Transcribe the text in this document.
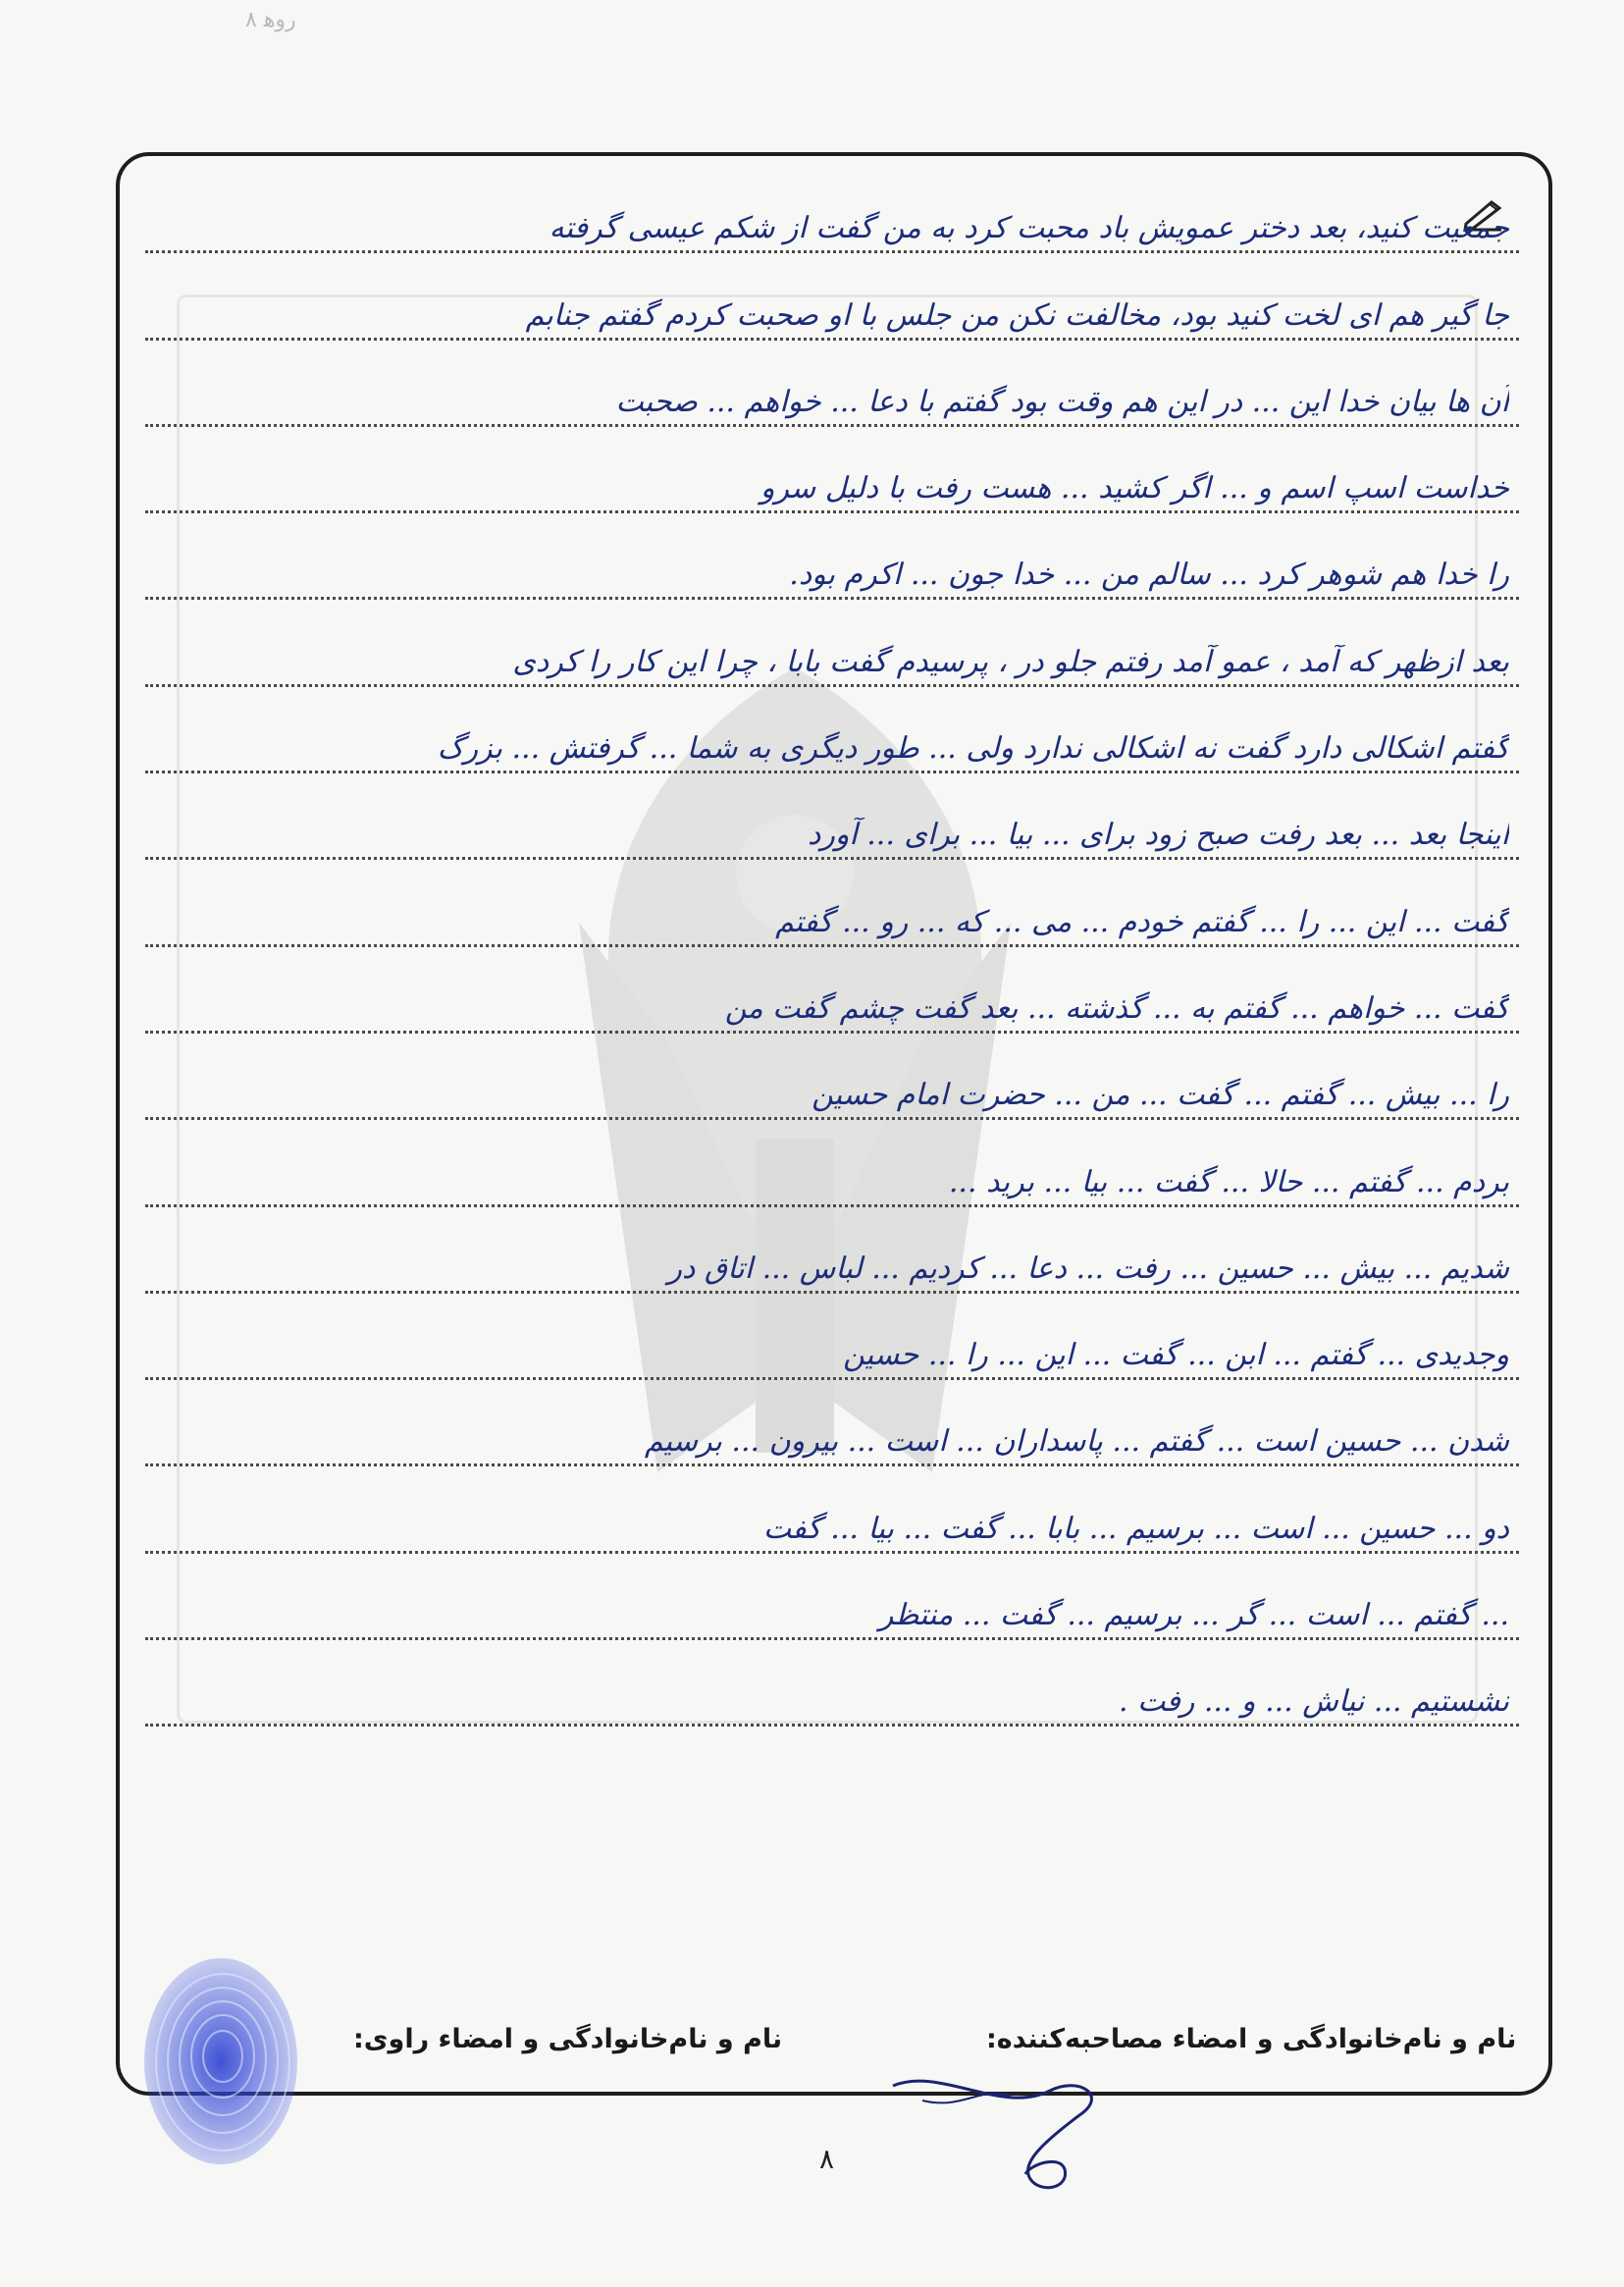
ﺭﻭﻫ ٨
جمعیت کنید، بعد دختر عمویش باد محبت کرد به من گفت از شکم عیسی گرفته
جا گیر هم ای لخت کنید بود، مخالفت نکن من جلس با او صحبت کردم گفتم جنابم
آن ها بیان خدا این ... در این هم وقت بود گفتم با دعا ... خواهم ... صحبت
خداست اسپ اسم و ... اگر کشید ... هست رفت با دلیل سرو
را خدا هم شوهر کرد ... سالم من ... خدا جون ... اکرم بود.
بعد ازظهر که آمد ، عمو آمد رفتم جلو در ، پرسیدم گفت بابا ، چرا این کار را کردی
گفتم اشکالی دارد گفت نه اشکالی ندارد ولی ... طور دیگری به شما ... گرفتش ... بزرگ
اینجا بعد ... بعد رفت صبح زود برای ... بیا ... برای ... آورد
گفت ... این ... را ... گفتم خودم ... می ... که ... رو ... گفتم
گفت ... خواهم ... گفتم به ... گذشته ... بعد گفت چشم گفت من
را ... بیش ... گفتم ... گفت ... من ... حضرت امام حسین
بردم ... گفتم ... حالا ... گفت ... بیا ... برید ...
شدیم ... بیش ... حسین ... رفت ... دعا ... کردیم ... لباس ... اتاق در
وجدیدی ... گفتم ... ابن ... گفت ... این ... را ... حسین
شدن ... حسین است ... گفتم ... پاسداران ... است ... بیرون ... برسیم
دو ... حسین ... است ... برسیم ... بابا ... گفت ... بیا ... گفت
... گفتم ... است ... گر ... برسیم ... گفت ... منتظر
نشستیم ... نیاش ... و ... رفت .
نام و نام‌خانوادگی و امضاء مصاحبه‌کننده:
نام و نام‌خانوادگی و امضاء راوی:
٨
